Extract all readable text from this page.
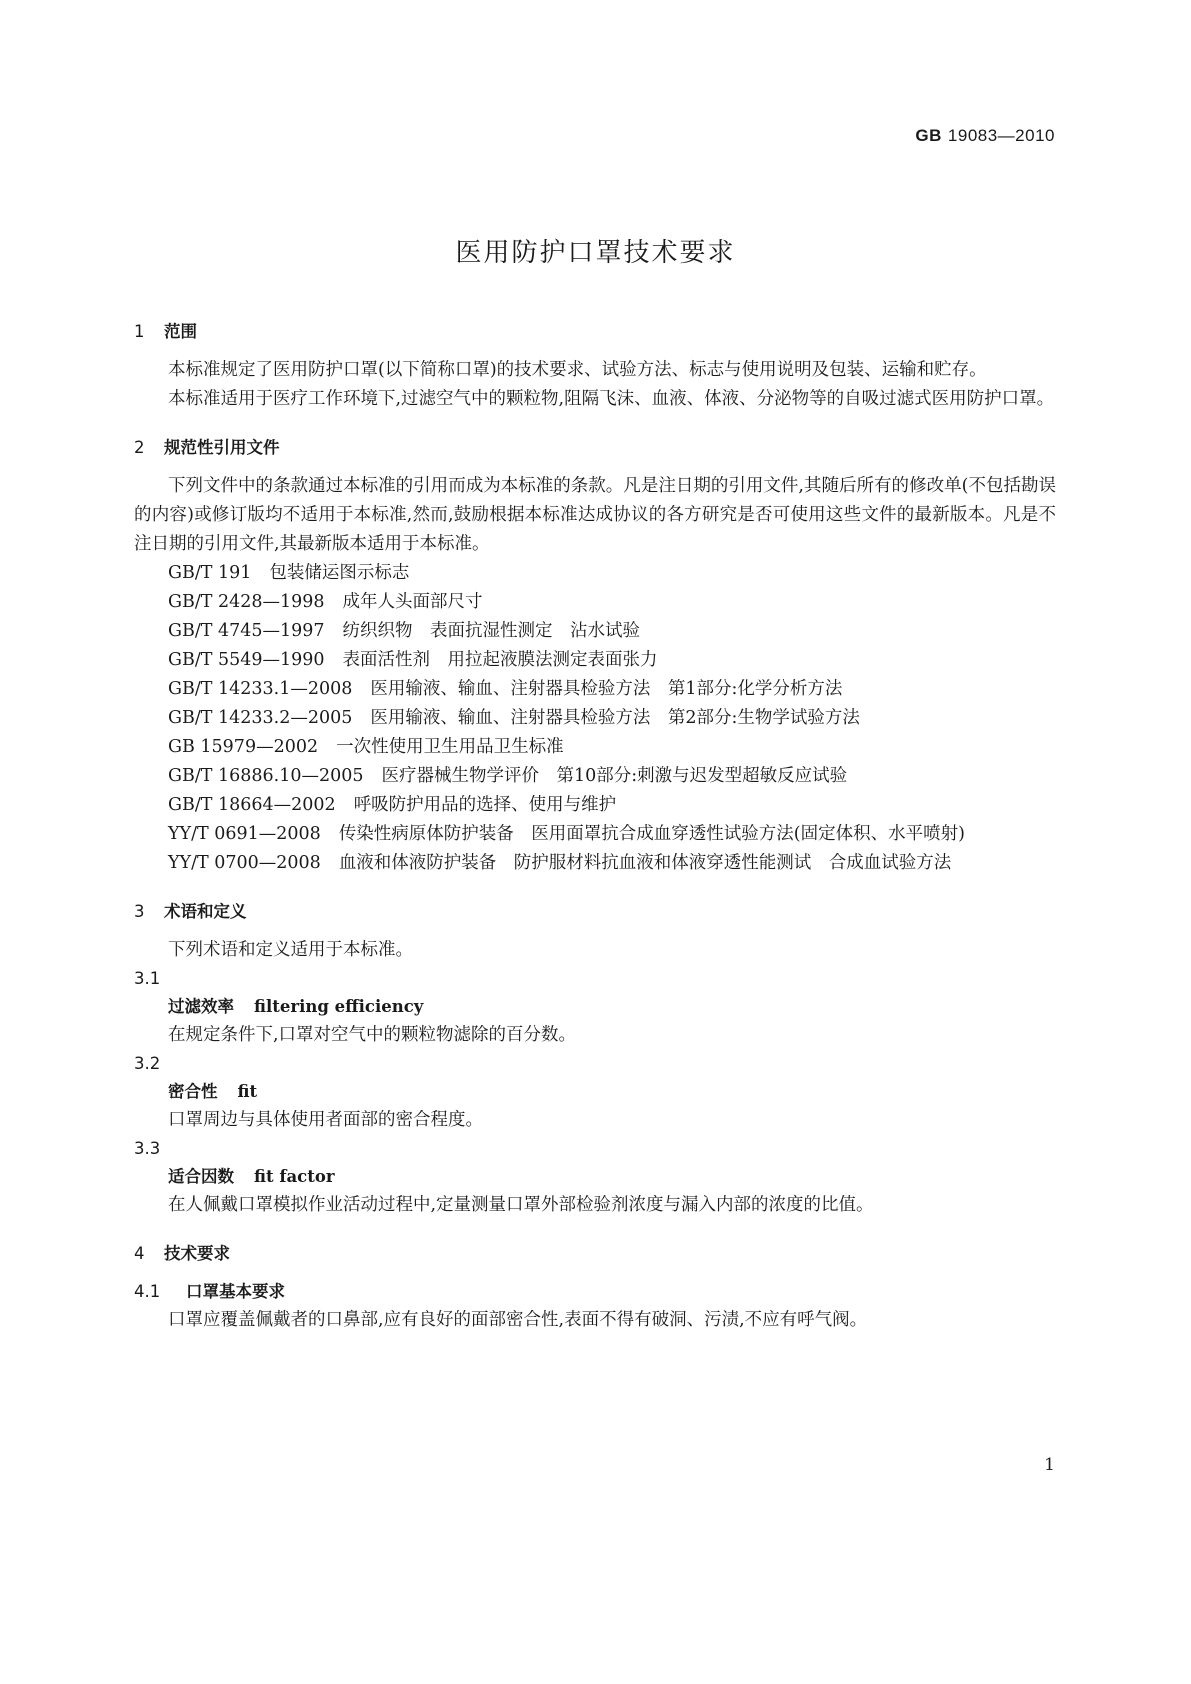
GB 19083—2010
医用防护口罩技术要求
1 范围
本标准规定了医用防护口罩(以下简称口罩)的技术要求、试验方法、标志与使用说明及包装、运输和贮存。
本标准适用于医疗工作环境下,过滤空气中的颗粒物,阻隔飞沫、血液、体液、分泌物等的自吸过滤式医用防护口罩。
2 规范性引用文件
下列文件中的条款通过本标准的引用而成为本标准的条款。凡是注日期的引用文件,其随后所有的修改单(不包括勘误的内容)或修订版均不适用于本标准,然而,鼓励根据本标准达成协议的各方研究是否可使用这些文件的最新版本。凡是不注日期的引用文件,其最新版本适用于本标准。
GB/T 191 包装储运图示标志
GB/T 2428—1998 成年人头面部尺寸
GB/T 4745—1997 纺织织物　表面抗湿性测定　沾水试验
GB/T 5549—1990 表面活性剂　用拉起液膜法测定表面张力
GB/T 14233.1—2008 医用输液、输血、注射器具检验方法　第1部分:化学分析方法
GB/T 14233.2—2005 医用输液、输血、注射器具检验方法　第2部分:生物学试验方法
GB 15979—2002 一次性使用卫生用品卫生标准
GB/T 16886.10—2005 医疗器械生物学评价　第10部分:刺激与迟发型超敏反应试验
GB/T 18664—2002 呼吸防护用品的选择、使用与维护
YY/T 0691—2008 传染性病原体防护装备　医用面罩抗合成血穿透性试验方法(固定体积、水平喷射)
YY/T 0700—2008 血液和体液防护装备　防护服材料抗血液和体液穿透性能测试　合成血试验方法
3 术语和定义
下列术语和定义适用于本标准。
3.1
过滤效率 filtering efficiency
在规定条件下,口罩对空气中的颗粒物滤除的百分数。
3.2
密合性 fit
口罩周边与具体使用者面部的密合程度。
3.3
适合因数 fit factor
在人佩戴口罩模拟作业活动过程中,定量测量口罩外部检验剂浓度与漏入内部的浓度的比值。
4 技术要求
4.1 口罩基本要求
口罩应覆盖佩戴者的口鼻部,应有良好的面部密合性,表面不得有破洞、污渍,不应有呼气阀。
1
